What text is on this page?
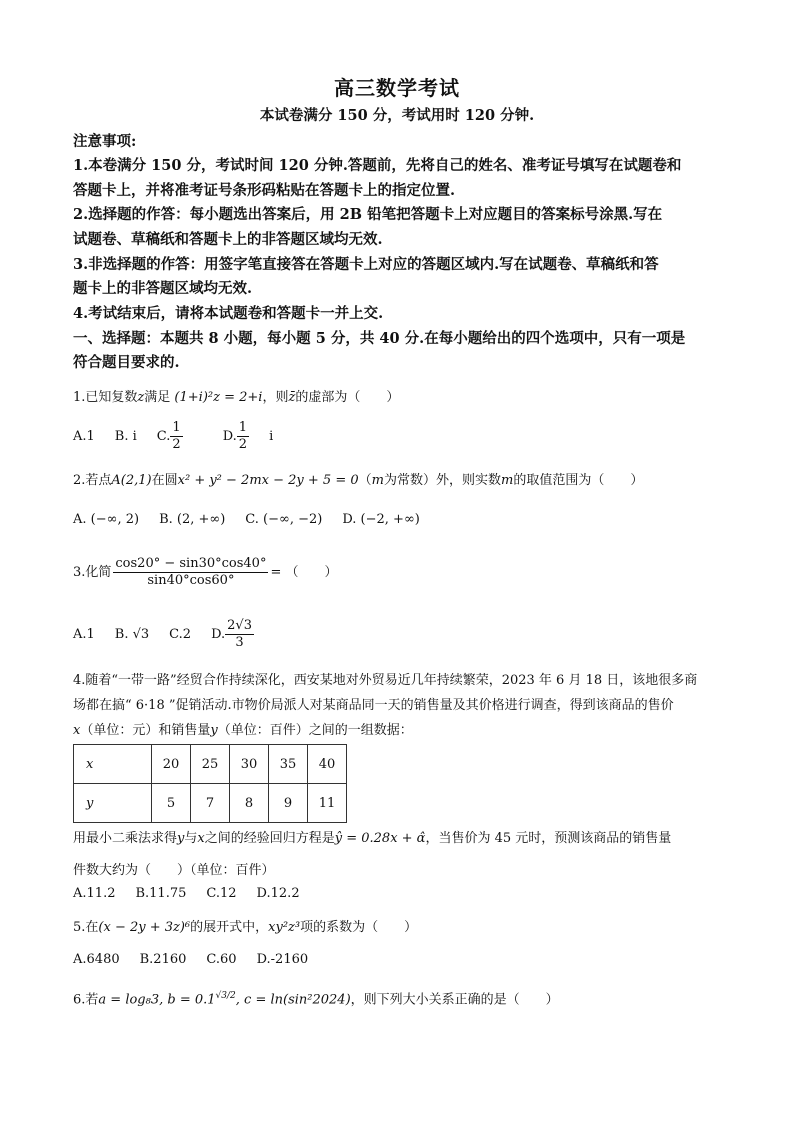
高三数学考试
本试卷满分 150 分，考试用时 120 分钟.
注意事项:
1.本卷满分 150 分，考试时间 120 分钟.答题前，先将自己的姓名、准考证号填写在试题卷和
答题卡上，并将准考证号条形码粘贴在答题卡上的指定位置.
2.选择题的作答：每小题选出答案后，用 2B 铅笔把答题卡上对应题目的答案标号涂黑.写在
试题卷、草稿纸和答题卡上的非答题区域均无效.
3.非选择题的作答：用签字笔直接答在答题卡上对应的答题区域内.写在试题卷、草稿纸和答
题卡上的非答题区域均无效.
4.考试结束后，请将本试题卷和答题卡一并上交.
一、选择题：本题共 8 小题，每小题 5 分，共 40 分.在每小题给出的四个选项中，只有一项是
符合题目要求的.
1.已知复数z满足 (1+i)²z = 2+i，则z̄的虚部为（　　）
A.1 B. i C. $\frac{1}{2} D$. $\frac{1}{2}$ i
2.若点A(2,1)在圆x² + y² − 2mx − 2y + 5 = 0（m为常数）外，则实数m的取值范围为（　　）
A. (−∞, 2) B. (2, +∞) C. (−∞, −2) D. (−2, +∞)
3.化简 $\frac{\cos 20^\circ - \sin 30^\circ\cos 40^\circ}{\sin 40^\circ\cos 60^\circ}$ = （　　）
A.1 B. √3 C.2 D. $\frac{2√3}{3}$
4.随着“一带一路”经贸合作持续深化，西安某地对外贸易近几年持续繁荣，2023 年 6 月 18 日，该地很多商
场都在搞“ 6·18 ”促销活动.市物价局派人对某商品同一天的销售量及其价格进行调查，得到该商品的售价
x（单位：元）和销售量y（单位：百件）之间的一组数据：
x	20	25	30	35	40
y	5	7	8	9	11
用最小二乘法求得y与x之间的经验回归方程是ŷ = 0.28x + α̂，当售价为 45 元时，预测该商品的销售量
件数大约为（　　）（单位：百件）
A.11.2 B.11.75 C.12 D.12.2
5.在(x − 2y + 3z)⁶的展开式中，xy²z³项的系数为（　　）
A.6480 B.2160 C.60 D.-2160
6.若a = log₈3, $b = 0.1^{√3/2}$, c = ln(sin²2024)，则下列大小关系正确的是（　　）
